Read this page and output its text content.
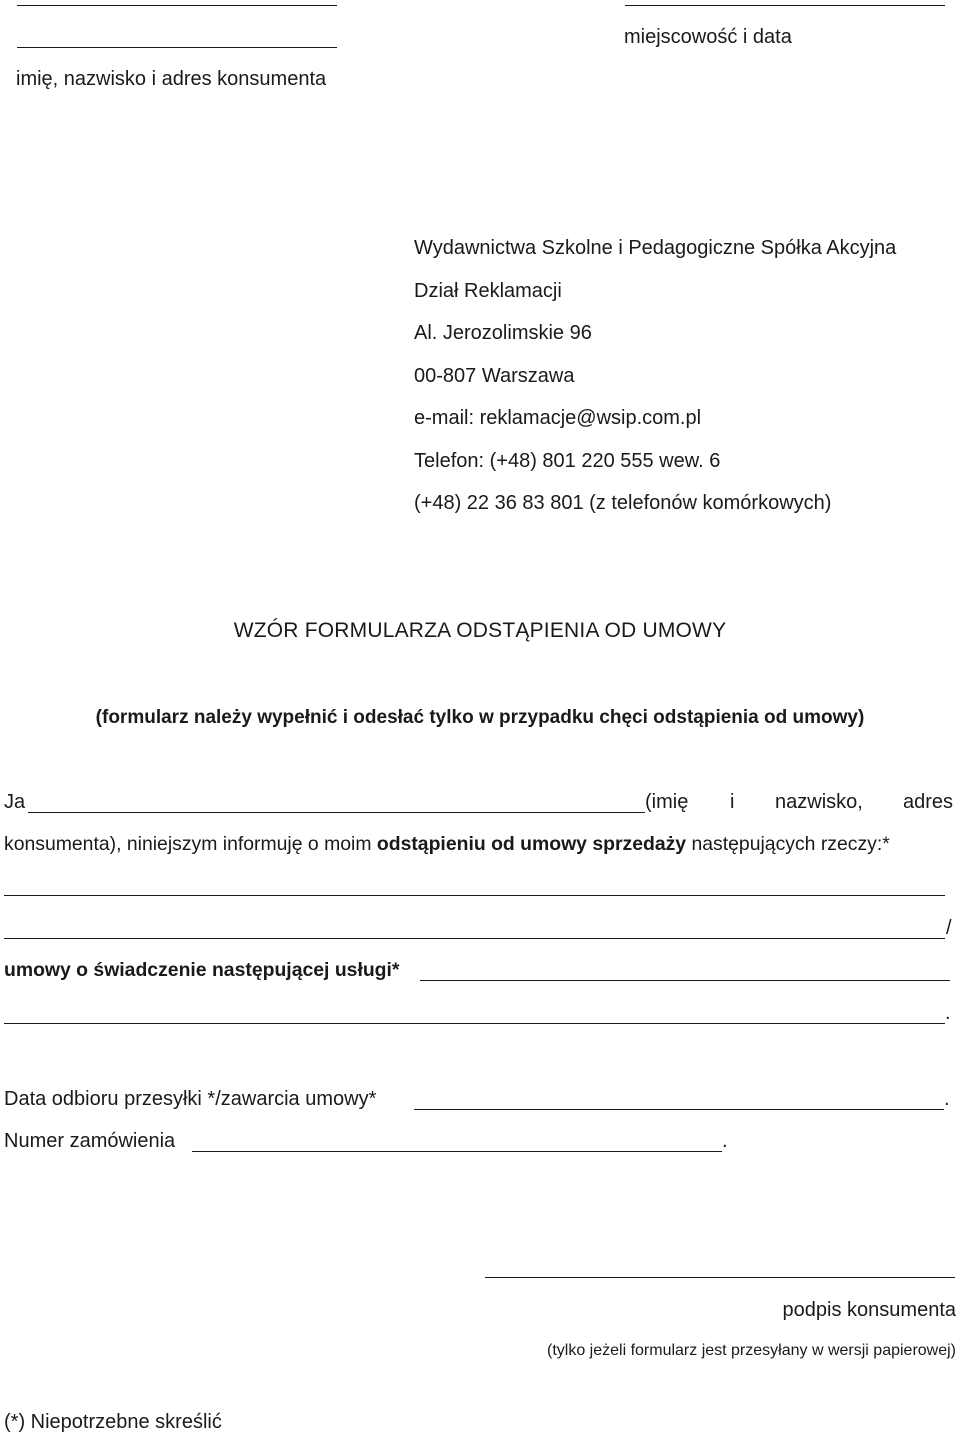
miejscowość i data
imię, nazwisko i adres konsumenta
Wydawnictwa Szkolne i Pedagogiczne Spółka Akcyjna
Dział Reklamacji
Al. Jerozolimskie 96
00-807 Warszawa
e-mail: reklamacje@wsip.com.pl
Telefon: (+48) 801 220 555 wew. 6
(+48) 22 36 83 801 (z telefonów komórkowych)
WZÓR FORMULARZA ODSTĄPIENIA OD UMOWY
(formularz należy wypełnić i odesłać tylko w przypadku chęci odstąpienia od umowy)
Ja	(imię i nazwisko, adres
konsumenta), niniejszym informuję o moim odstąpieniu od umowy sprzedaży następujących rzeczy:*
/
umowy o świadczenie następującej usługi*
.
Data odbioru przesyłki */zawarcia umowy*	.
Numer zamówienia	.
podpis konsumenta
(tylko jeżeli formularz jest przesyłany w wersji papierowej)
(*) Niepotrzebne skreślić
